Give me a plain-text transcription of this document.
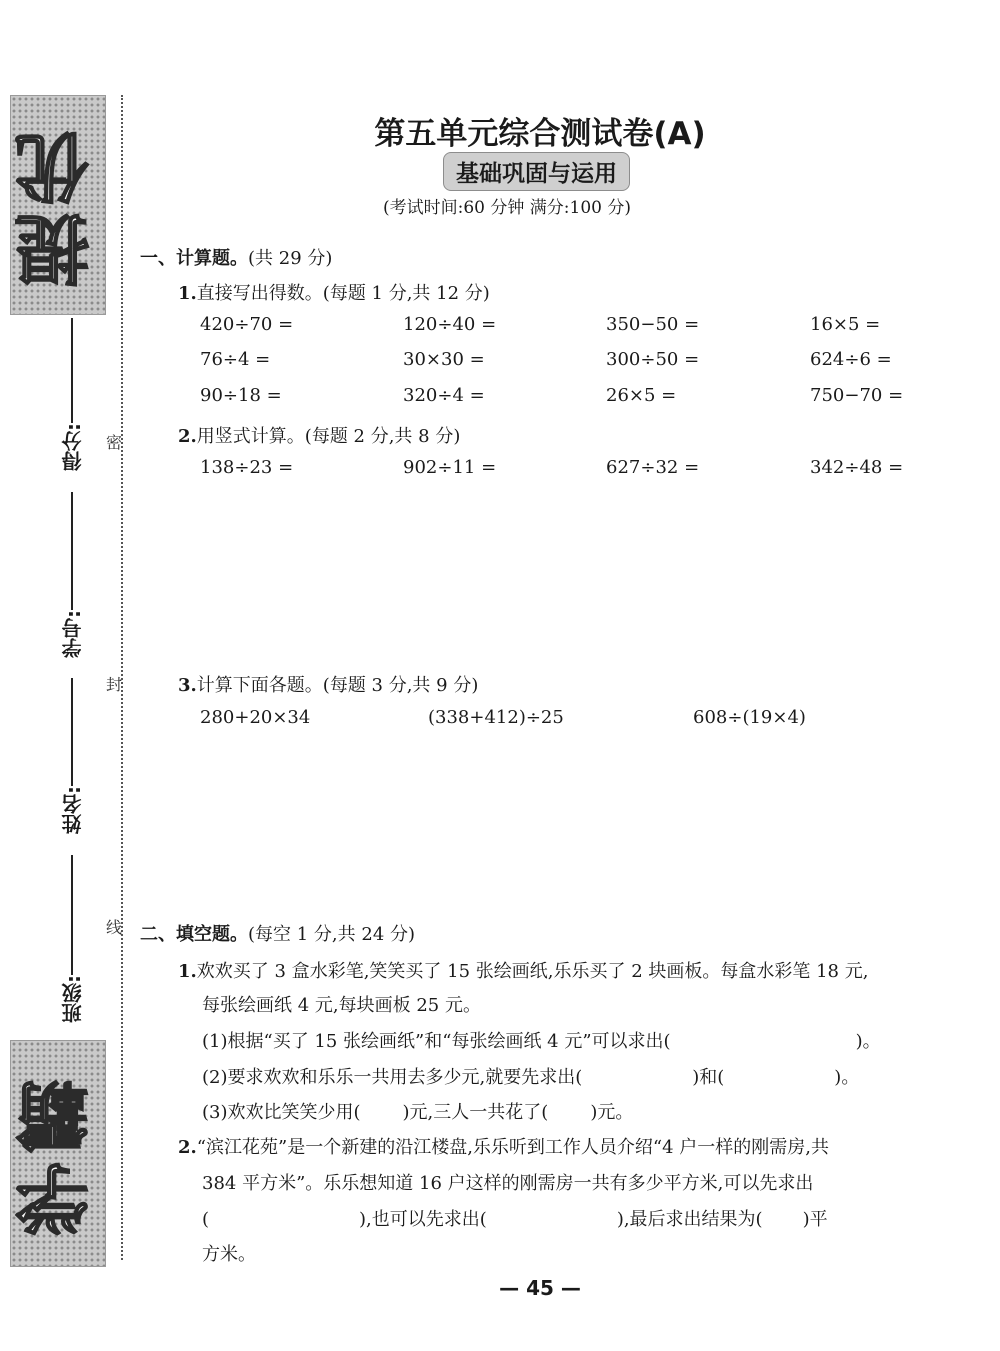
提优
得分:
学号:
姓名:
班级:
学霸
密
封
线
第五单元综合测试卷(A)
基础巩固与运用
(考试时间:60 分钟 满分:100 分)
一、计算题。(共 29 分)
1.直接写出得数。(每题 1 分,共 12 分)
420÷70 =	120÷40 =	350−50 =	16×5 =
76÷4 =	30×30 =	300÷50 =	624÷6 =
90÷18 =	320÷4 =	26×5 =	750−70 =
2.用竖式计算。(每题 2 分,共 8 分)
138÷23 =	902÷11 =	627÷32 =	342÷48 =
3.计算下面各题。(每题 3 分,共 9 分)
280+20×34	(338+412)÷25	608÷(19×4)
二、填空题。(每空 1 分,共 24 分)
1.欢欢买了 3 盒水彩笔,笑笑买了 15 张绘画纸,乐乐买了 2 块画板。每盒水彩笔 18 元,
每张绘画纸 4 元,每块画板 25 元。
(1)根据“买了 15 张绘画纸”和“每张绘画纸 4 元”可以求出(	)。
(2)要求欢欢和乐乐一共用去多少元,就要先求出(	)和(	)。
(3)欢欢比笑笑少用( )元,三人一共花了( )元。
2.“滨江花苑”是一个新建的沿江楼盘,乐乐听到工作人员介绍“4 户一样的刚需房,共
384 平方米”。乐乐想知道 16 户这样的刚需房一共有多少平方米,可以先求出
(	),也可以先求出(	),最后求出结果为( )平
方米。
— 45 —
